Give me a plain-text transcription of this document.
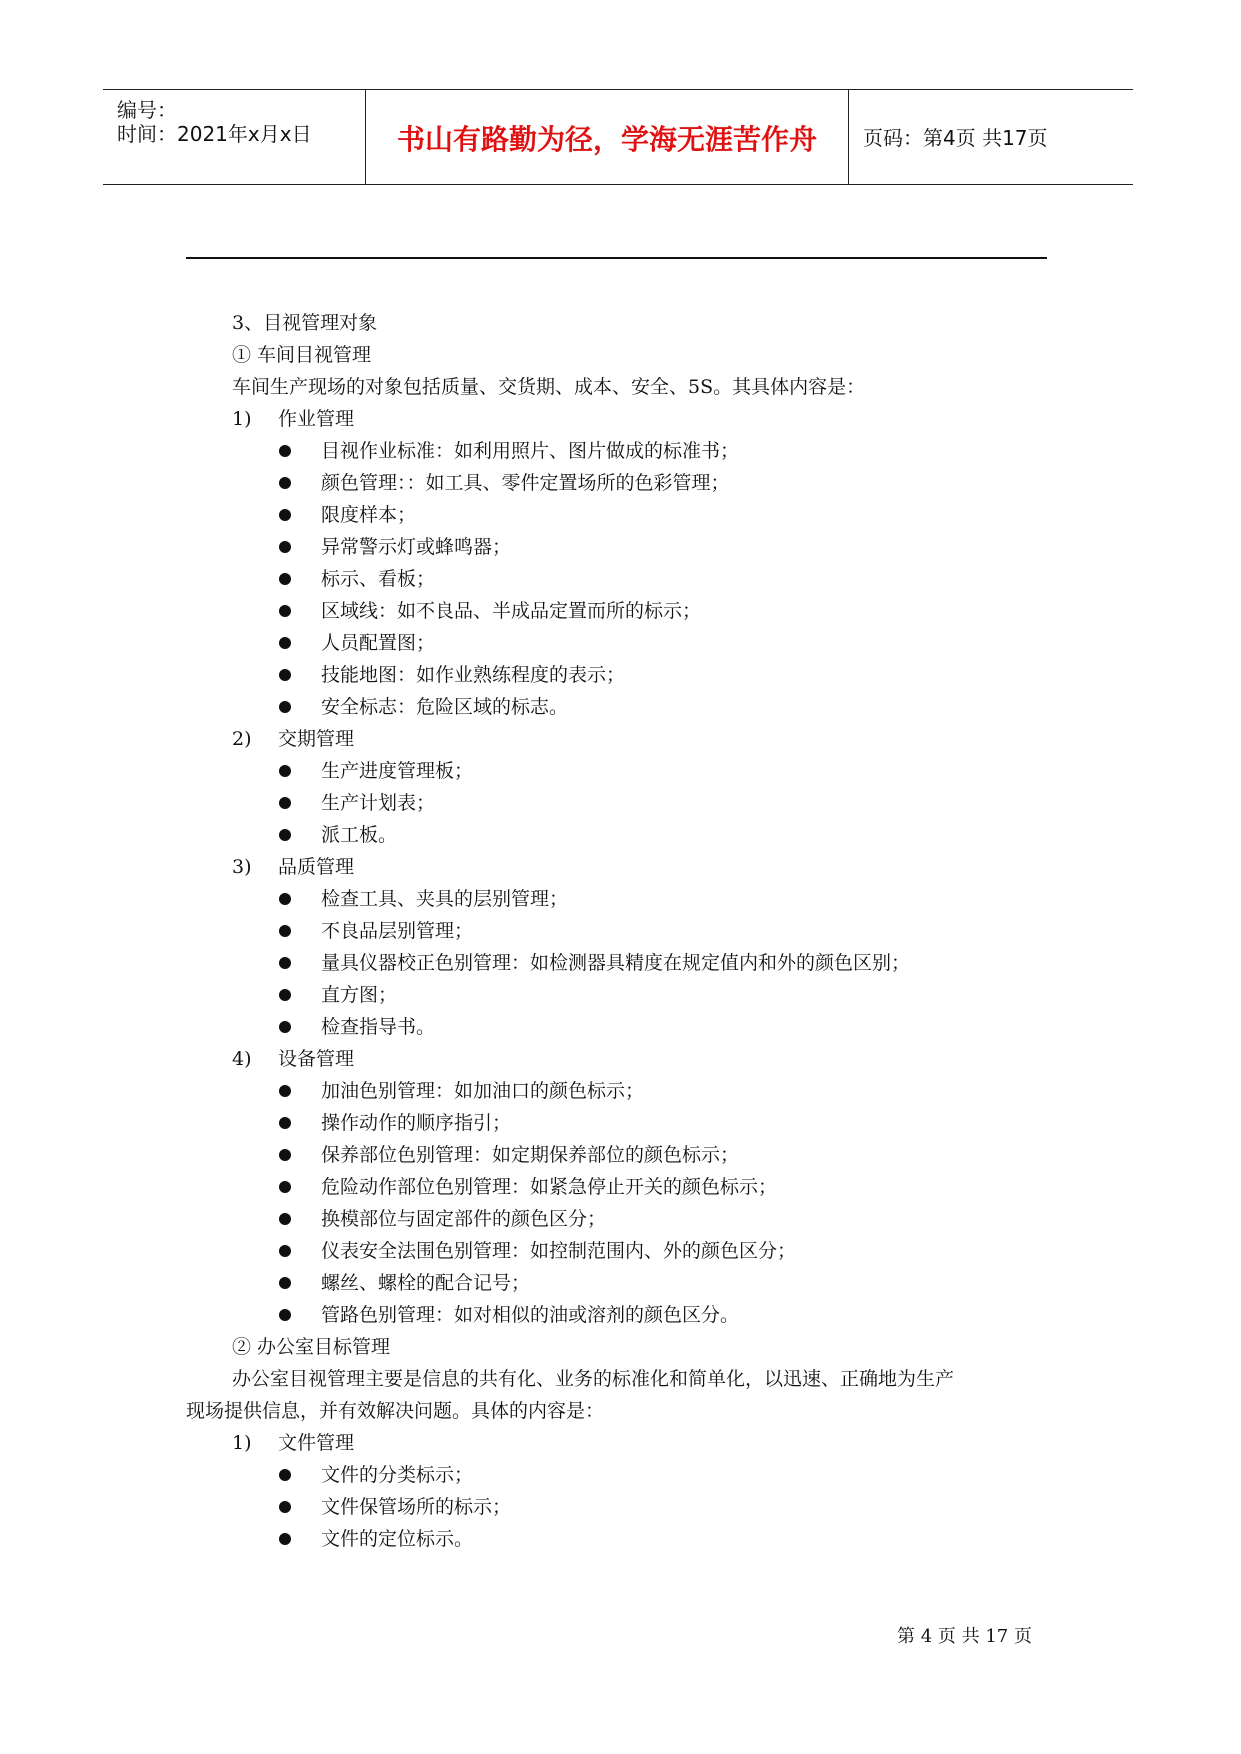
编号：
时间：2021年x月x日	书山有路勤为径，学海无涯苦作舟	页码：第4页 共17页
3、目视管理对象
① 车间目视管理
车间生产现场的对象包括质量、交货期、成本、安全、5S。其具体内容是：
1) 作业管理
目视作业标准：如利用照片、图片做成的标准书；
颜色管理：：如工具、零件定置场所的色彩管理；
限度样本；
异常警示灯或蜂鸣器；
标示、看板；
区域线：如不良品、半成品定置而所的标示；
人员配置图；
技能地图：如作业熟练程度的表示；
安全标志：危险区域的标志。
2) 交期管理
生产进度管理板；
生产计划表；
派工板。
3) 品质管理
检查工具、夹具的层别管理；
不良品层别管理；
量具仪器校正色别管理：如检测器具精度在规定值内和外的颜色区别；
直方图；
检查指导书。
4) 设备管理
加油色别管理：如加油口的颜色标示；
操作动作的顺序指引；
保养部位色别管理：如定期保养部位的颜色标示；
危险动作部位色别管理：如紧急停止开关的颜色标示；
换模部位与固定部件的颜色区分；
仪表安全法围色别管理：如控制范围内、外的颜色区分；
螺丝、螺栓的配合记号；
管路色别管理：如对相似的油或溶剂的颜色区分。
② 办公室目标管理
办公室目视管理主要是信息的共有化、业务的标准化和简单化，以迅速、正确地为生产
现场提供信息，并有效解决问题。具体的内容是：
1) 文件管理
文件的分类标示；
文件保管场所的标示；
文件的定位标示。
第 4 页 共 17 页
